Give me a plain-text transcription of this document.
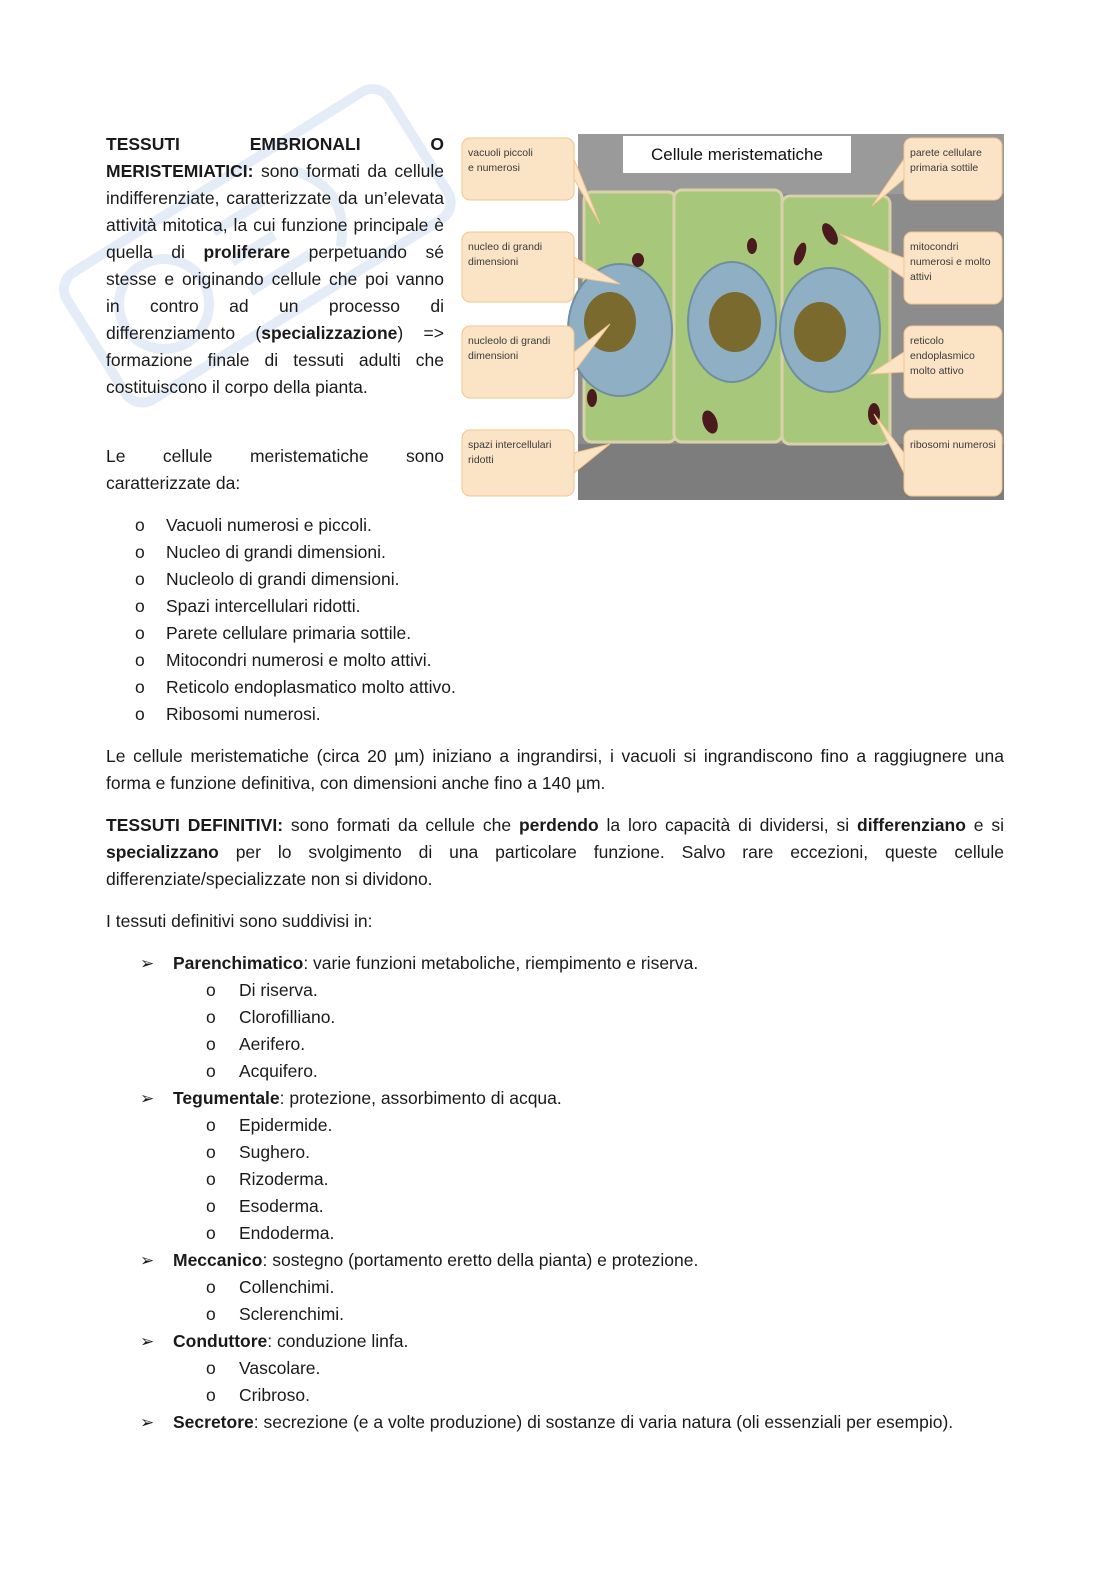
TESSUTI EMBRIONALI O MERISTEMIATICI: sono formati da cellule indifferenziate, caratterizzate da un’elevata attività mitotica, la cui funzione principale è quella di proliferare perpetuando sé stesse e originando cellule che poi vanno in contro ad un processo di differenziamento (specializzazione) => formazione finale di tessuti adulti che costituiscono il corpo della pianta.

Le cellule meristematiche sono caratterizzate da:

Cellule meristematiche
vacuoli piccoli e numerosi
nucleo di grandi dimensioni
nucleolo di grandi dimensioni
spazi intercellulari ridotti
parete cellulare primaria sottile
mitocondri numerosi e molto attivi
reticolo endoplasmico molto attivo
ribosomi numerosi
o Vacuoli numerosi e piccoli.
o Nucleo di grandi dimensioni.
o Nucleolo di grandi dimensioni.
o Spazi intercellulari ridotti.
o Parete cellulare primaria sottile.
o Mitocondri numerosi e molto attivi.
o Reticolo endoplasmatico molto attivo.
o Ribosomi numerosi.

Le cellule meristematiche (circa 20 µm) iniziano a ingrandirsi, i vacuoli si ingrandiscono fino a raggiugnere una forma e funzione definitiva, con dimensioni anche fino a 140 µm.

TESSUTI DEFINITIVI: sono formati da cellule che perdendo la loro capacità di dividersi, si differenziano e si specializzano per lo svolgimento di una particolare funzione. Salvo rare eccezioni, queste cellule differenziate/specializzate non si dividono.

I tessuti definitivi sono suddivisi in:

➢ Parenchimatico: varie funzioni metaboliche, riempimento e riserva.
o Di riserva.
o Clorofilliano.
o Aerifero.
o Acquifero.
➢ Tegumentale: protezione, assorbimento di acqua.
o Epidermide.
o Sughero.
o Rizoderma.
o Esoderma.
o Endoderma.
➢ Meccanico: sostegno (portamento eretto della pianta) e protezione.
o Collenchimi.
o Sclerenchimi.
➢ Conduttore: conduzione linfa.
o Vascolare.
o Cribroso.
➢ Secretore: secrezione (e a volte produzione) di sostanze di varia natura (oli essenziali per esempio).
